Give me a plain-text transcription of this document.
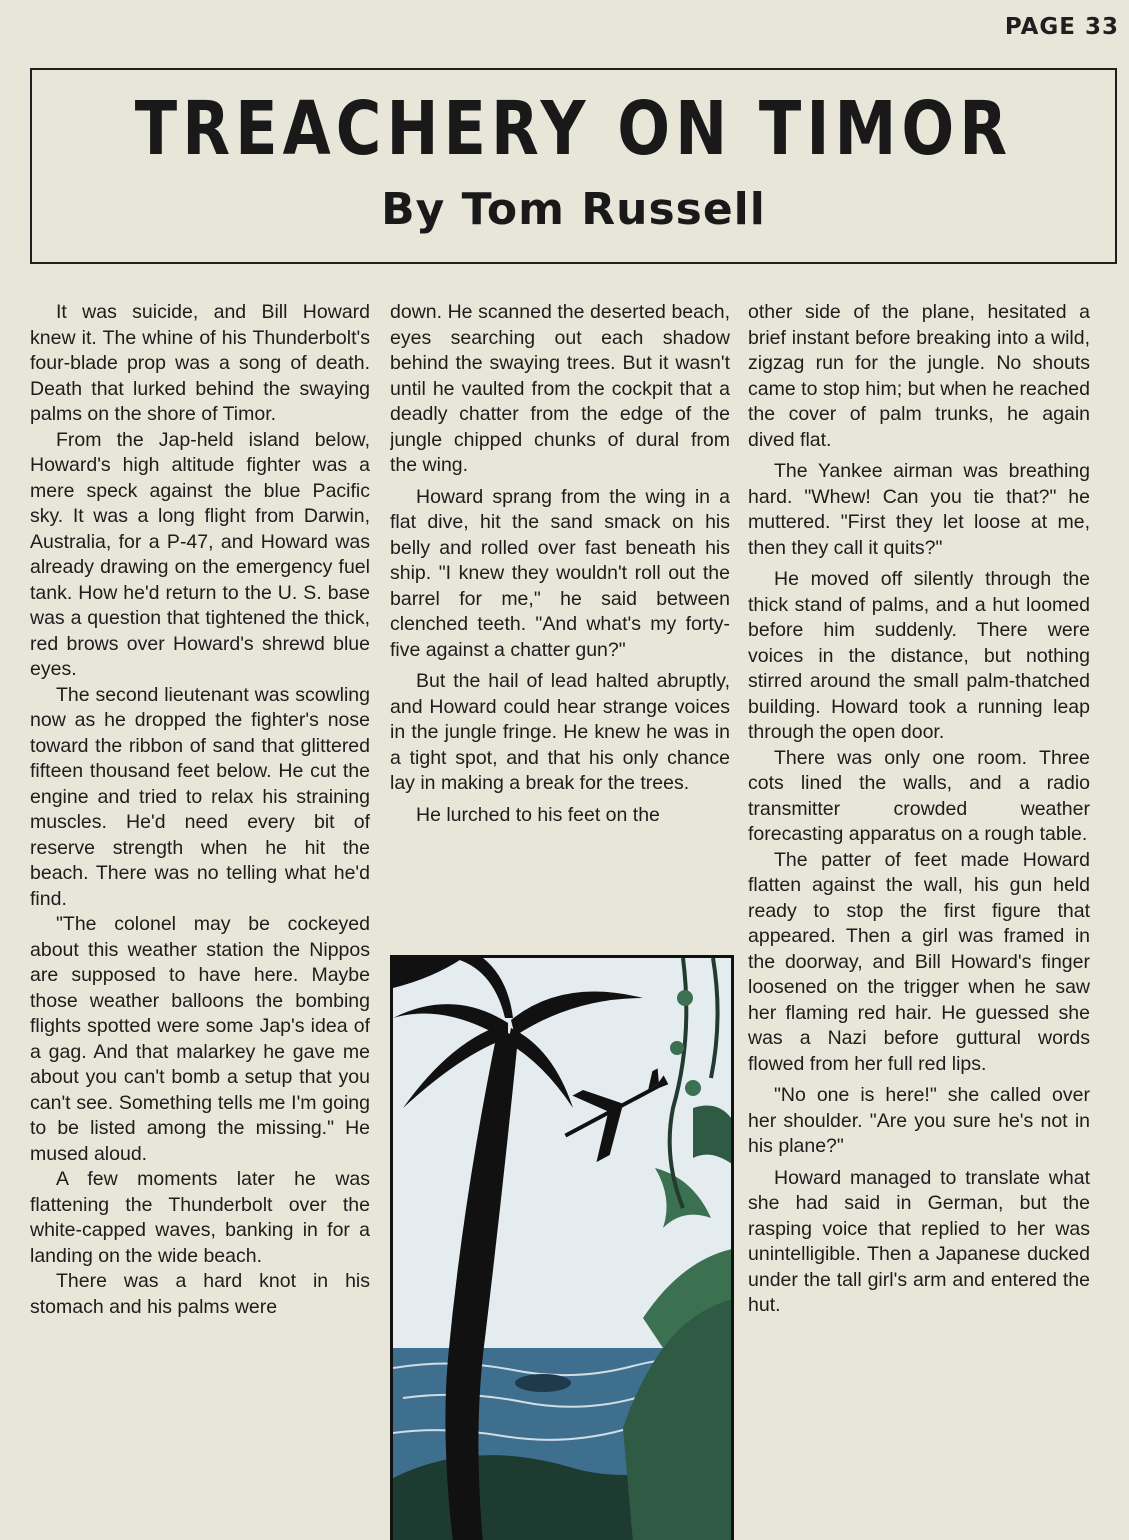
PAGE 33
TREACHERY ON TIMOR
By Tom Russell

It was suicide, and Bill Howard knew it. The whine of his Thunderbolt's four-blade prop was a song of death. Death that lurked behind the swaying palms on the shore of Timor.

From the Jap-held island below, Howard's high altitude fighter was a mere speck against the blue Pacific sky. It was a long flight from Darwin, Australia, for a P-47, and Howard was already drawing on the emergency fuel tank. How he'd return to the U. S. base was a question that tightened the thick, red brows over Howard's shrewd blue eyes.

The second lieutenant was scowling now as he dropped the fighter's nose toward the ribbon of sand that glittered fifteen thousand feet below. He cut the engine and tried to relax his straining muscles. He'd need every bit of reserve strength when he hit the beach. There was no telling what he'd find.

"The colonel may be cockeyed about this weather station the Nippos are supposed to have here. Maybe those weather balloons the bombing flights spotted were some Jap's idea of a gag. And that malarkey he gave me about you can't bomb a setup that you can't see. Something tells me I'm going to be listed among the missing." He mused aloud.

A few moments later he was flattening the Thunderbolt over the white-capped waves, banking in for a landing on the wide beach.

There was a hard knot in his stomach and his palms were

down. He scanned the deserted beach, eyes searching out each shadow behind the swaying trees. But it wasn't until he vaulted from the cockpit that a deadly chatter from the edge of the jungle chipped chunks of dural from the wing.

Howard sprang from the wing in a flat dive, hit the sand smack on his belly and rolled over fast beneath his ship. "I knew they wouldn't roll out the barrel for me," he said between clenched teeth. "And what's my forty-five against a chatter gun?"

But the hail of lead halted abruptly, and Howard could hear strange voices in the jungle fringe. He knew he was in a tight spot, and that his only chance lay in making a break for the trees.

He lurched to his feet on the

other side of the plane, hesitated a brief instant before breaking into a wild, zigzag run for the jungle. No shouts came to stop him; but when he reached the cover of palm trunks, he again dived flat.

The Yankee airman was breathing hard. "Whew! Can you tie that?" he muttered. "First they let loose at me, then they call it quits?"

He moved off silently through the thick stand of palms, and a hut loomed before him suddenly. There were voices in the distance, but nothing stirred around the small palm-thatched building. Howard took a running leap through the open door.

There was only one room. Three cots lined the walls, and a radio transmitter crowded weather forecasting apparatus on a rough table.

The patter of feet made Howard flatten against the wall, his gun held ready to stop the first figure that appeared. Then a girl was framed in the doorway, and Bill Howard's finger loosened on the trigger when he saw her flaming red hair. He guessed she was a Nazi before guttural words flowed from her full red lips.

"No one is here!" she called over her shoulder. "Are you sure he's not in his plane?"

Howard managed to translate what she had said in German, but the rasping voice that replied to her was unintelligible. Then a Japanese ducked under the tall girl's arm and entered the hut.
